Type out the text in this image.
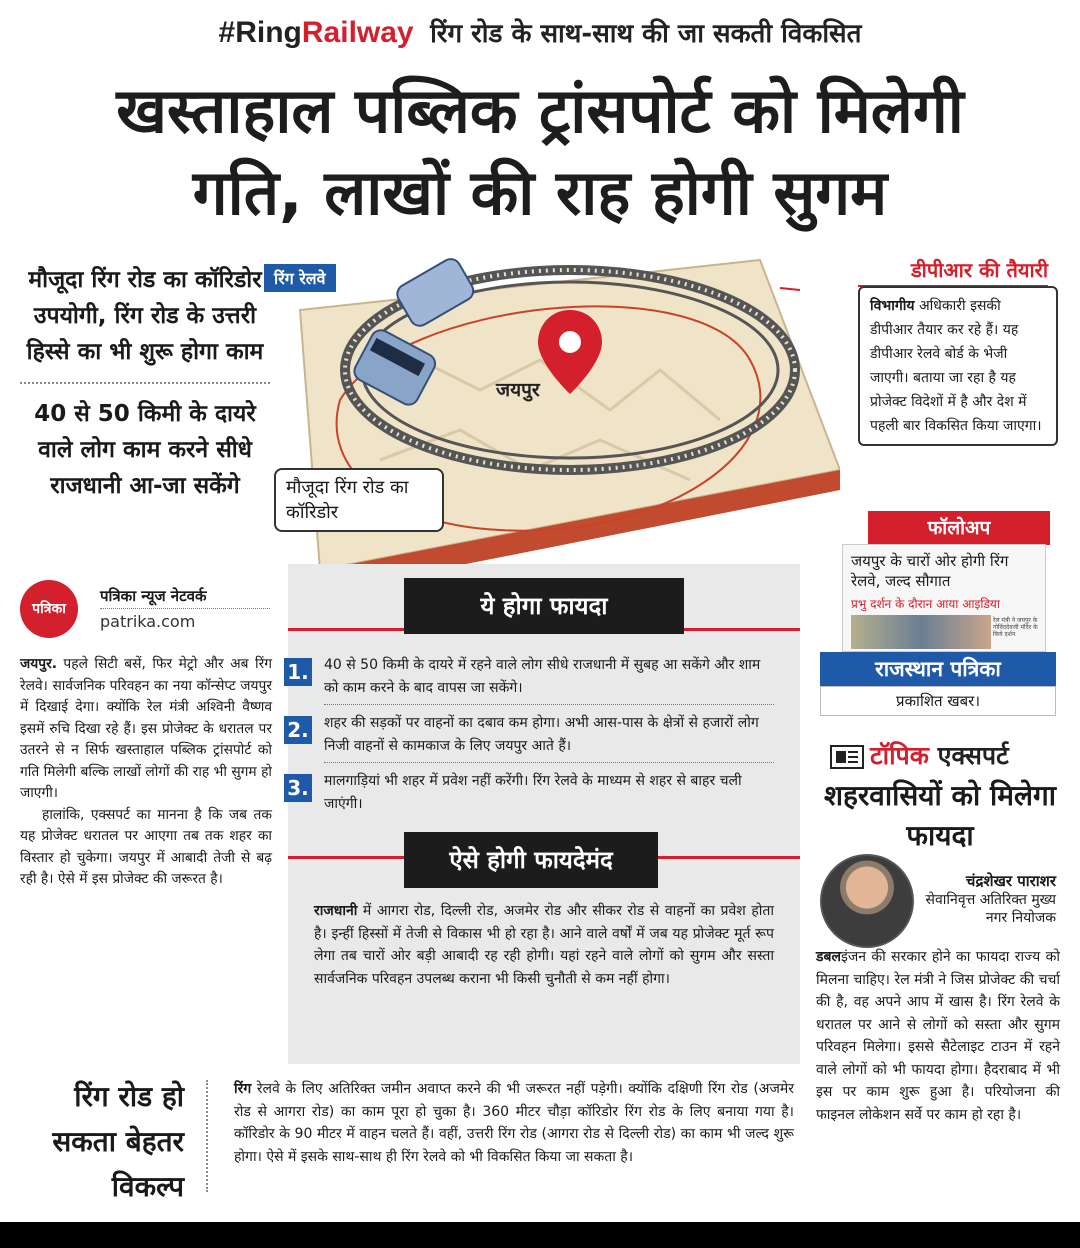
#RingRailway रिंग रोड के साथ-साथ की जा सकती विकसित
खस्ताहाल पब्लिक ट्रांसपोर्ट को मिलेगी
गति, लाखों की राह होगी सुगम
मौजूदा रिंग रोड का कॉरिडोर उपयोगी, रिंग रोड के उत्तरी हिस्से का भी शुरू होगा काम
40 से 50 किमी के दायरे वाले लोग काम करने सीधे राजधानी आ-जा सकेंगे
पत्रिका
पत्रिका न्यूज नेटवर्क
patrika.com

जयपुर. पहले सिटी बसें, फिर मेट्रो और अब रिंग रेलवे। सार्वजनिक परिवहन का नया कॉन्सेप्ट जयपुर में दिखाई देगा। क्योंकि रेल मंत्री अश्विनी वैष्णव इसमें रुचि दिखा रहे हैं। इस प्रोजेक्ट के धरातल पर उतरने से न सिर्फ खस्ताहाल पब्लिक ट्रांसपोर्ट को गति मिलेगी बल्कि लाखों लोगों की राह भी सुगम हो जाएगी।

हालांकि, एक्सपर्ट का मानना है कि जब तक यह प्रोजेक्ट धरातल पर आएगा तब तक शहर का विस्तार हो चुकेगा। जयपुर में आबादी तेजी से बढ़ रही है। ऐसे में इस प्रोजेक्ट की जरूरत है।

रिंग रेलवे
जयपुर
मौजूदा रिंग रोड का कॉरिडोर
डीपीआर की तैयारी
विभागीय अधिकारी इसकी डीपीआर तैयार कर रहे हैं। यह डीपीआर रेलवे बोर्ड के भेजी जाएगी। बताया जा रहा है यह प्रोजेक्ट विदेशों में है और देश में पहली बार विकसित किया जाएगा।
ये होगा फायदा
1. 40 से 50 किमी के दायरे में रहने वाले लोग सीधे राजधानी में सुबह आ सकेंगे और शाम को काम करने के बाद वापस जा सकेंगे।
2. शहर की सड़कों पर वाहनों का दबाव कम होगा। अभी आस-पास के क्षेत्रों से हजारों लोग निजी वाहनों से कामकाज के लिए जयपुर आते हैं।
3. मालगाड़ियां भी शहर में प्रवेश नहीं करेंगी। रिंग रेलवे के माध्यम से शहर से बाहर चली जाएंगी।
ऐसे होगी फायदेमंद
राजधानी में आगरा रोड, दिल्ली रोड, अजमेर रोड और सीकर रोड से वाहनों का प्रवेश होता है। इन्हीं हिस्सों में तेजी से विकास भी हो रहा है। आने वाले वर्षों में जब यह प्रोजेक्ट मूर्त रूप लेगा तब चारों ओर बड़ी आबादी रह रही होगी। यहां रहने वाले लोगों को सुगम और सस्ता सार्वजनिक परिवहन उपलब्ध कराना भी किसी चुनौती से कम नहीं होगा।
फॉलोअप
जयपुर के चारों ओर होगी रिंग रेलवे, जल्द सौगात
प्रभु दर्शन के दौरान आया आइडिया
रेल मंत्री ने जयपुर के गोविंददेवजी मंदिर के किये दर्शन
राजस्थान पत्रिका
प्रकाशित खबर।
टॉपिक एक्सपर्ट
शहरवासियों को मिलेगा फायदा
चंद्रशेखर पाराशर
सेवानिवृत्त अतिरिक्त मुख्य नगर नियोजक
डबलइंजन की सरकार होने का फायदा राज्य को मिलना चाहिए। रेल मंत्री ने जिस प्रोजेक्ट की चर्चा की है, वह अपने आप में खास है। रिंग रेलवे के धरातल पर आने से लोगों को सस्ता और सुगम परिवहन मिलेगा। इससे सैटेलाइट टाउन में रहने वाले लोगों को भी फायदा होगा। हैदराबाद में भी इस पर काम शुरू हुआ है। परियोजना की फाइनल लोकेशन सर्वे पर काम हो रहा है।
रिंग रोड हो सकता बेहतर विकल्प
रिंग रेलवे के लिए अतिरिक्त जमीन अवाप्त करने की भी जरूरत नहीं पड़ेगी। क्योंकि दक्षिणी रिंग रोड (अजमेर रोड से आगरा रोड) का काम पूरा हो चुका है। 360 मीटर चौड़ा कॉरिडोर रिंग रोड के लिए बनाया गया है। कॉरिडोर के 90 मीटर में वाहन चलते हैं। वहीं, उत्तरी रिंग रोड (आगरा रोड से दिल्ली रोड) का काम भी जल्द शुरू होगा। ऐसे में इसके साथ-साथ ही रिंग रेलवे को भी विकसित किया जा सकता है।
